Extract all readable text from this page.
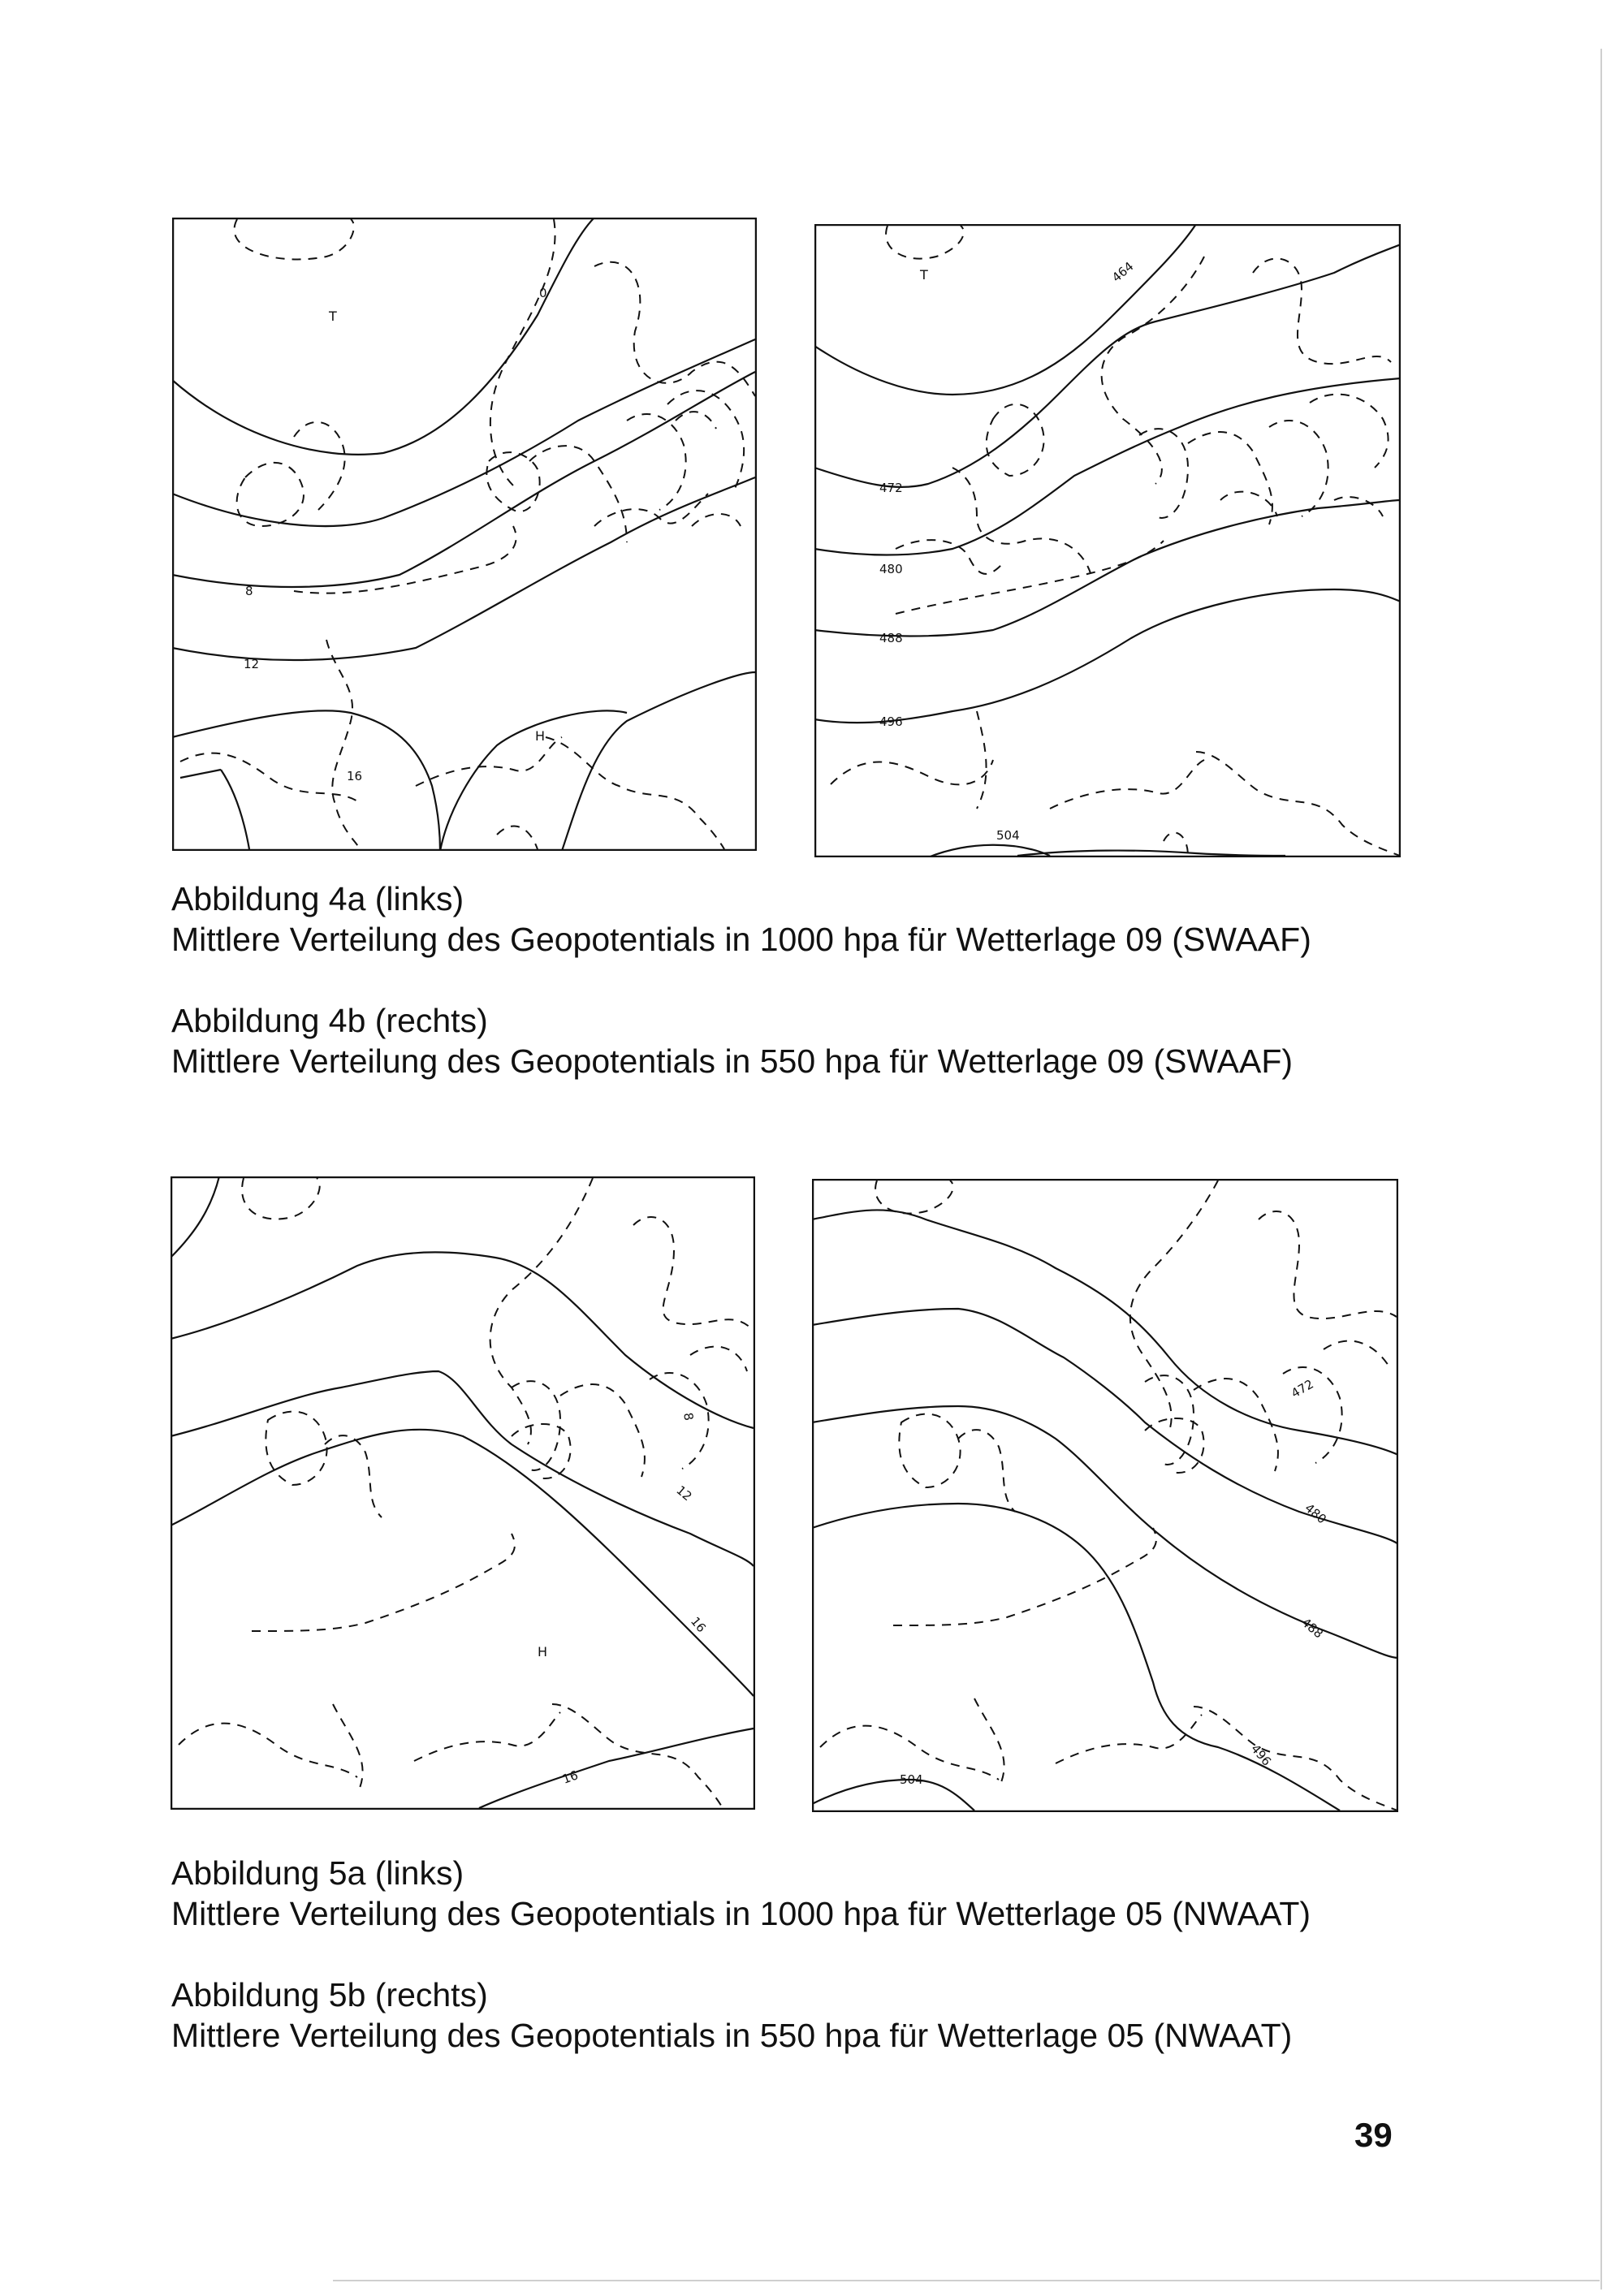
0
8
12
16
T
H
464
472
480
488
496
504
T
Abbildung 4a (links)
Mittlere Verteilung des Geopotentials in 1000 hpa für Wetterlage 09 (SWAAF)
Abbildung 4b (rechts)
Mittlere Verteilung des Geopotentials in 550 hpa für Wetterlage 09 (SWAAF)
8
12
16
16
H
472
480
488
496
504
Abbildung 5a (links)
Mittlere Verteilung des Geopotentials in 1000 hpa für Wetterlage 05 (NWAAT)
Abbildung 5b (rechts)
Mittlere Verteilung des Geopotentials in 550 hpa für Wetterlage 05 (NWAAT)
39
